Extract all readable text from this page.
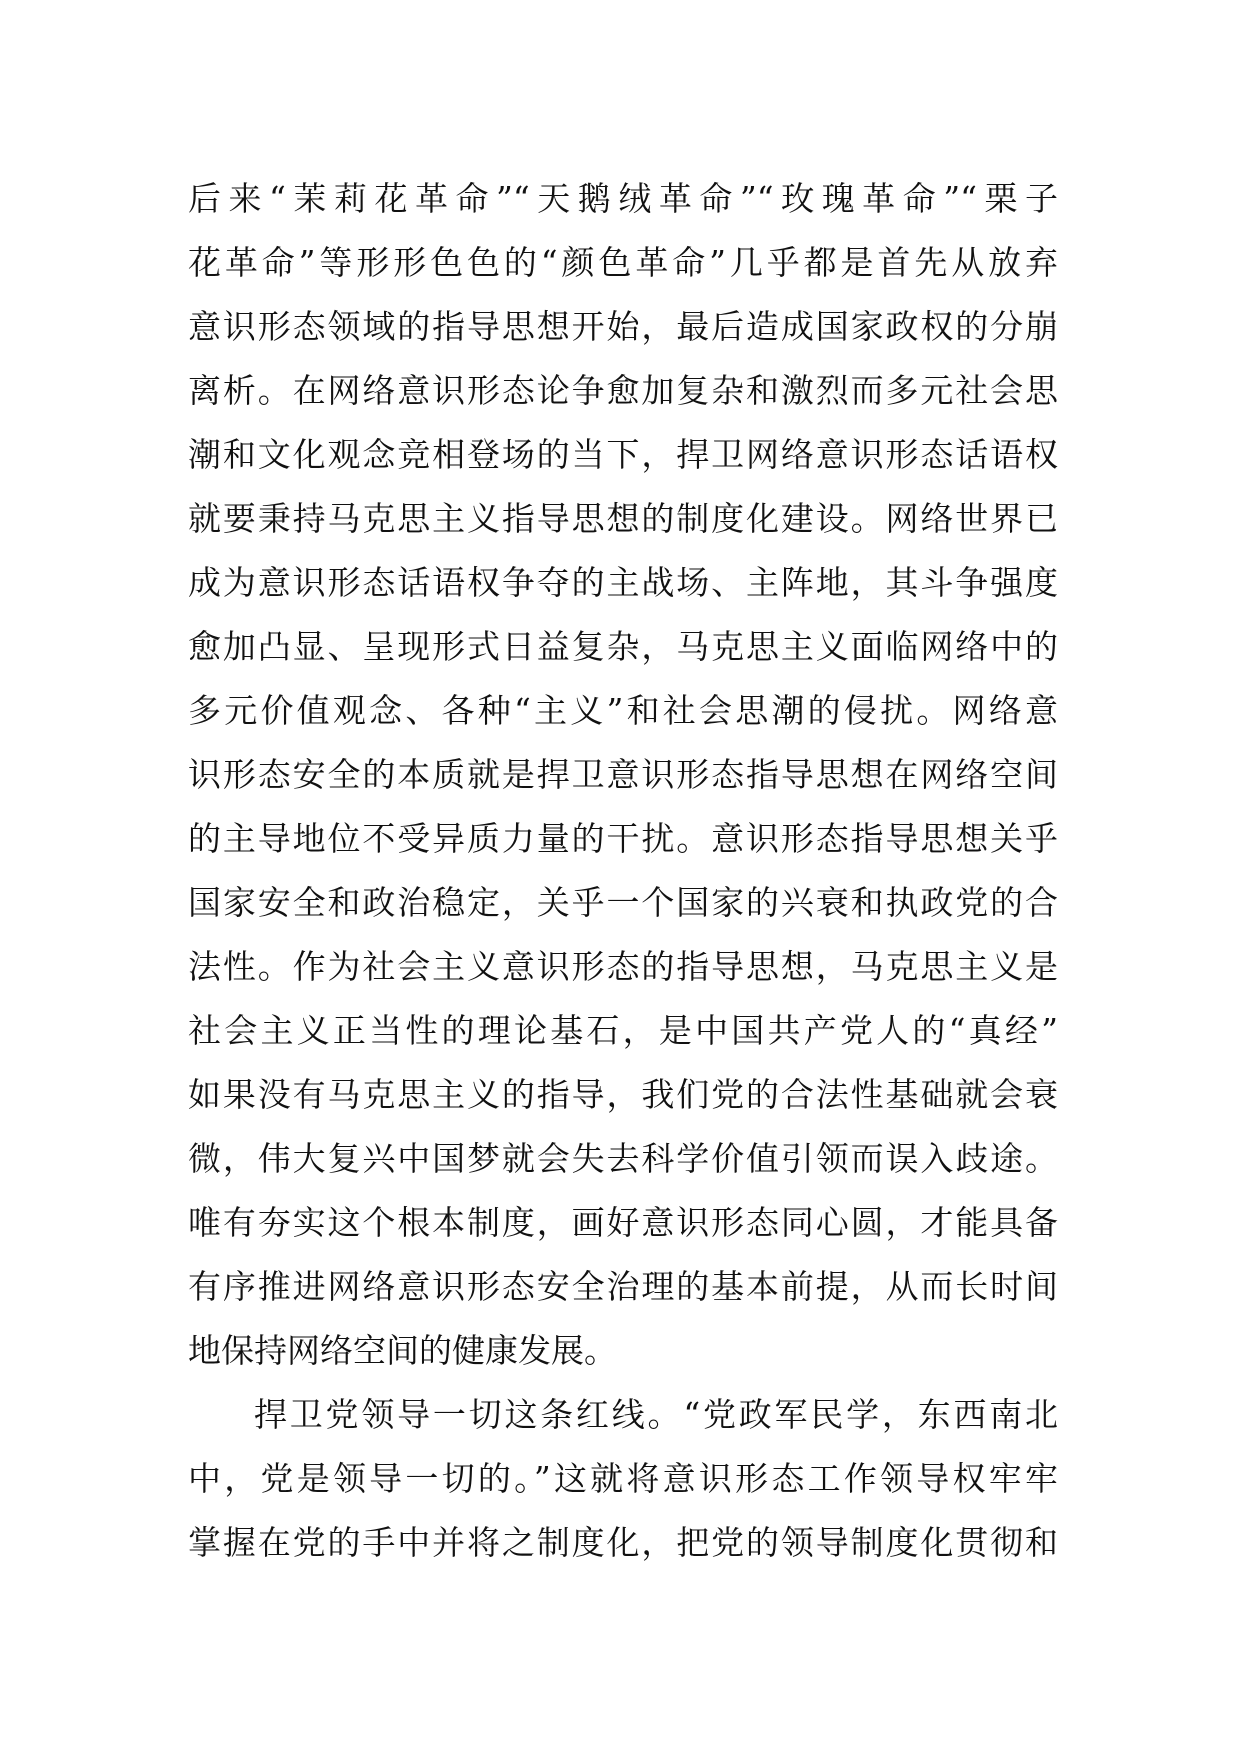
后来“茉莉花革命”“天鹅绒革命”“玫瑰革命”“栗子
花革命”等形形色色的“颜色革命”几乎都是首先从放弃
意识形态领域的指导思想开始，最后造成国家政权的分崩
离析。在网络意识形态论争愈加复杂和激烈而多元社会思
潮和文化观念竞相登场的当下，捍卫网络意识形态话语权
就要秉持马克思主义指导思想的制度化建设。网络世界已
成为意识形态话语权争夺的主战场、主阵地，其斗争强度
愈加凸显、呈现形式日益复杂，马克思主义面临网络中的
多元价值观念、各种“主义”和社会思潮的侵扰。网络意
识形态安全的本质就是捍卫意识形态指导思想在网络空间
的主导地位不受异质力量的干扰。意识形态指导思想关乎
国家安全和政治稳定，关乎一个国家的兴衰和执政党的合
法性。作为社会主义意识形态的指导思想，马克思主义是
社会主义正当性的理论基石，是中国共产党人的“真经”
如果没有马克思主义的指导，我们党的合法性基础就会衰
微，伟大复兴中国梦就会失去科学价值引领而误入歧途。
唯有夯实这个根本制度，画好意识形态同心圆，才能具备
有序推进网络意识形态安全治理的基本前提，从而长时间
地保持网络空间的健康发展。
捍卫党领导一切这条红线。“党政军民学，东西南北
中，党是领导一切的。”这就将意识形态工作领导权牢牢
掌握在党的手中并将之制度化，把党的领导制度化贯彻和
